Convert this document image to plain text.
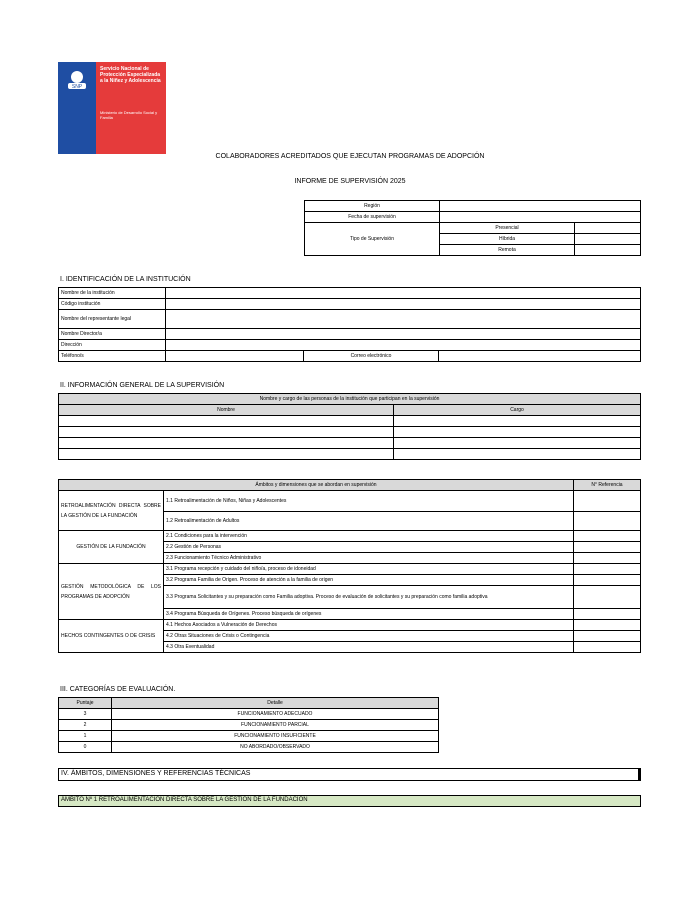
SNP
Servicio Nacional de Protección Especializada a la Niñez y Adolescencia
Ministerio de Desarrollo Social y Familia
COLABORADORES ACREDITADOS QUE EJECUTAN PROGRAMAS DE ADOPCIÓN
INFORME DE SUPERVISIÓN 2025
Región		
Fecha de supervisión		
Tipo de Supervisión	Presencial	
	Híbrida	
	Remota	
I. IDENTIFICACIÓN DE LA INSTITUCIÓN
Nombre de la institución			
Código institución			
Nombre del representante legal			
Nombre Director/a			
Dirección			
Teléfono/s		Correo electrónico	
II. INFORMACIÓN GENERAL DE LA SUPERVISIÓN
Nombre y cargo de las personas de la institución que participan en la supervisión	
Nombre	Cargo

Ámbitos y dimensiones que se abordan en supervisión		N° Referencia
RETROALIMENTACIÓN DIRECTA SOBRE LA GESTIÓN DE LA FUNDACIÓN	1.1 Retroalimentación de Niños, Niñas y Adolescentes	
	1.2 Retroalimentación de Adultos	
GESTIÓN DE LA FUNDACIÓN	2.1 Condiciones para la intervención	
	2.2 Gestión de Personas	
	2.3 Funcionamiento Técnico Administrativo	
GESTIÓN METODOLÓGICA DE LOS PROGRAMAS DE ADOPCIÓN	3.1 Programa recepción y cuidado del niño/a, proceso de idoneidad	
	3.2 Programa Familia de Origen. Proceso de atención a la familia de origen	
	3.3 Programa Solicitantes y su preparación como Familia adoptiva. Proceso de evaluación de solicitantes y su preparación como familia adoptiva	
	3.4 Programa Búsqueda de Orígenes. Proceso búsqueda de orígenes	
HECHOS CONTINGENTES O DE CRISIS	4.1 Hechos Asociados a Vulneración de Derechos	
	4.2 Otras Situaciones de Crisis o Contingencia	
	4.3 Otra Eventualidad	
III. CATEGORÍAS DE EVALUACIÓN.
Puntaje	Detalle
3	FUNCIONAMIENTO ADECUADO
2	FUNCIONAMIENTO PARCIAL
1	FUNCIONAMIENTO INSUFICIENTE
0	NO ABORDADO/OBSERVADO
IV. ÁMBITOS, DIMENSIONES Y REFERENCIAS TÉCNICAS
ÁMBITO Nº 1 RETROALIMENTACIÓN DIRECTA SOBRE LA GESTIÓN DE LA FUNDACIÓN
